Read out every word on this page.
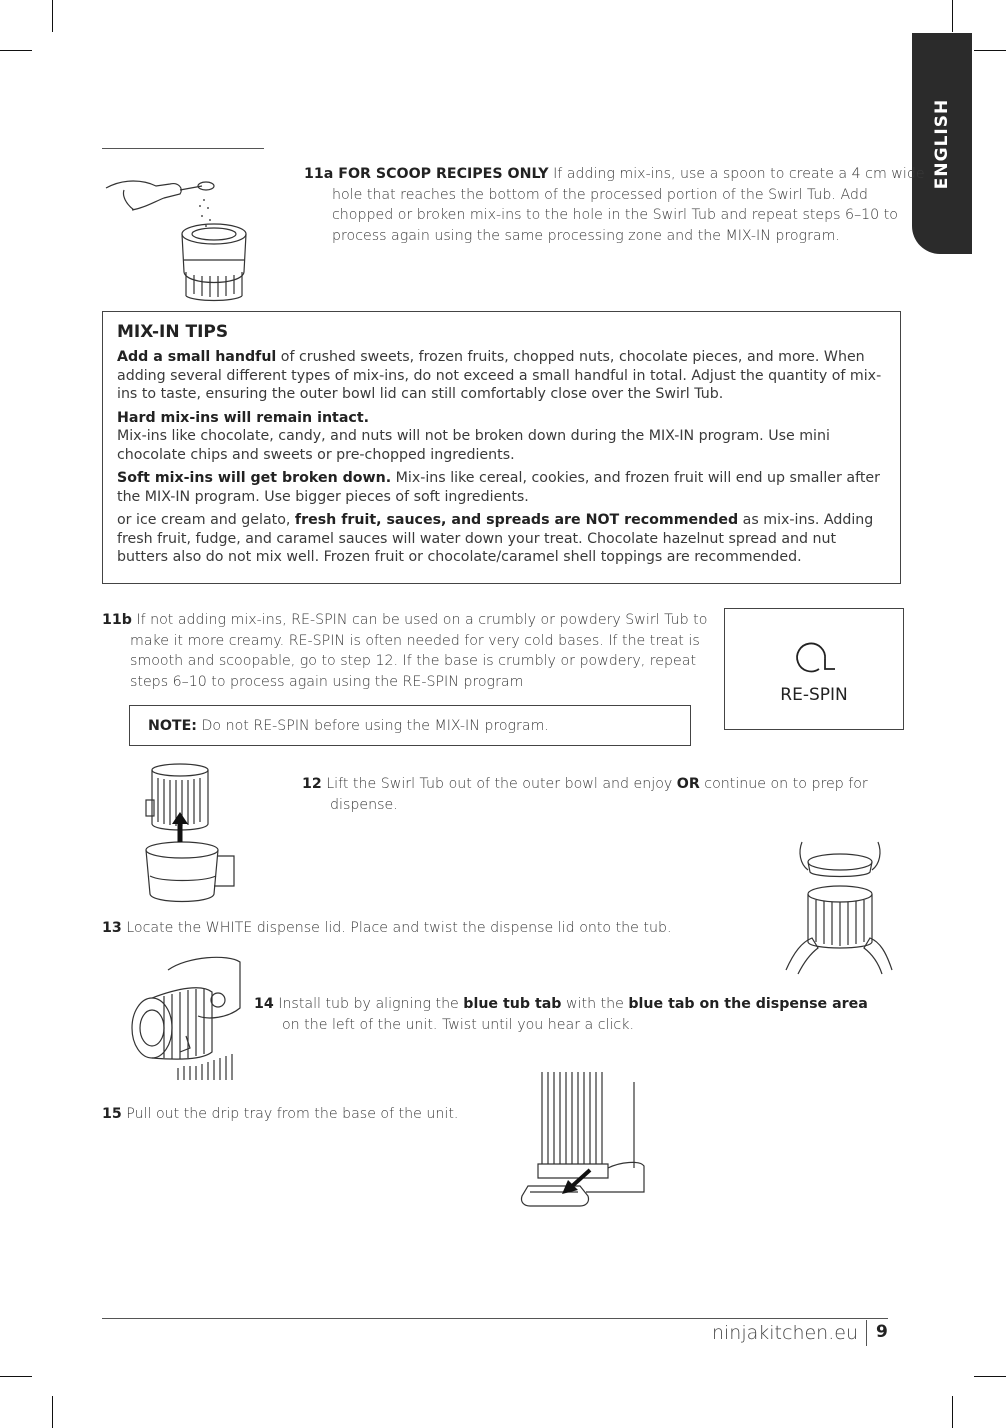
ENGLISH
11a FOR SCOOP RECIPES ONLY If adding mix-ins, use a spoon to create a 4 cm wide hole that reaches the bottom of the processed portion of the Swirl Tub. Add chopped or broken mix-ins to the hole in the Swirl Tub and repeat steps 6–10 to process again using the same processing zone and the MIX-IN program.
MIX-IN TIPS

Add a small handful of crushed sweets, frozen fruits, chopped nuts, chocolate pieces, and more. When adding several different types of mix-ins, do not exceed a small handful in total. Adjust the quantity of mix-ins to taste, ensuring the outer bowl lid can still comfortably close over the Swirl Tub.

Hard mix-ins will remain intact.
Mix-ins like chocolate, candy, and nuts will not be broken down during the MIX-IN program. Use mini chocolate chips and sweets or pre-chopped ingredients.

Soft mix-ins will get broken down. Mix-ins like cereal, cookies, and frozen fruit will end up smaller after the MIX-IN program. Use bigger pieces of soft ingredients.

or ice cream and gelato, fresh fruit, sauces, and spreads are NOT recommended as mix-ins. Adding fresh fruit, fudge, and caramel sauces will water down your treat. Chocolate hazelnut spread and nut butters also do not mix well. Frozen fruit or chocolate/caramel shell toppings are recommended.

11b If not adding mix-ins, RE-SPIN can be used on a crumbly or powdery Swirl Tub to make it more creamy. RE-SPIN is often needed for very cold bases. If the treat is smooth and scoopable, go to step 12. If the base is crumbly or powdery, repeat steps 6–10 to process again using the RE-SPIN program
RE-SPIN
NOTE: Do not RE-SPIN before using the MIX-IN program.
12 Lift the Swirl Tub out of the outer bowl and enjoy OR continue on to prep for dispense.
13 Locate the WHITE dispense lid. Place and twist the dispense lid onto the tub.
14 Install tub by aligning the blue tub tab with the blue tab on the dispense area on the left of the unit. Twist until you hear a click.
15 Pull out the drip tray from the base of the unit.
ninjakitchen.eu 9
